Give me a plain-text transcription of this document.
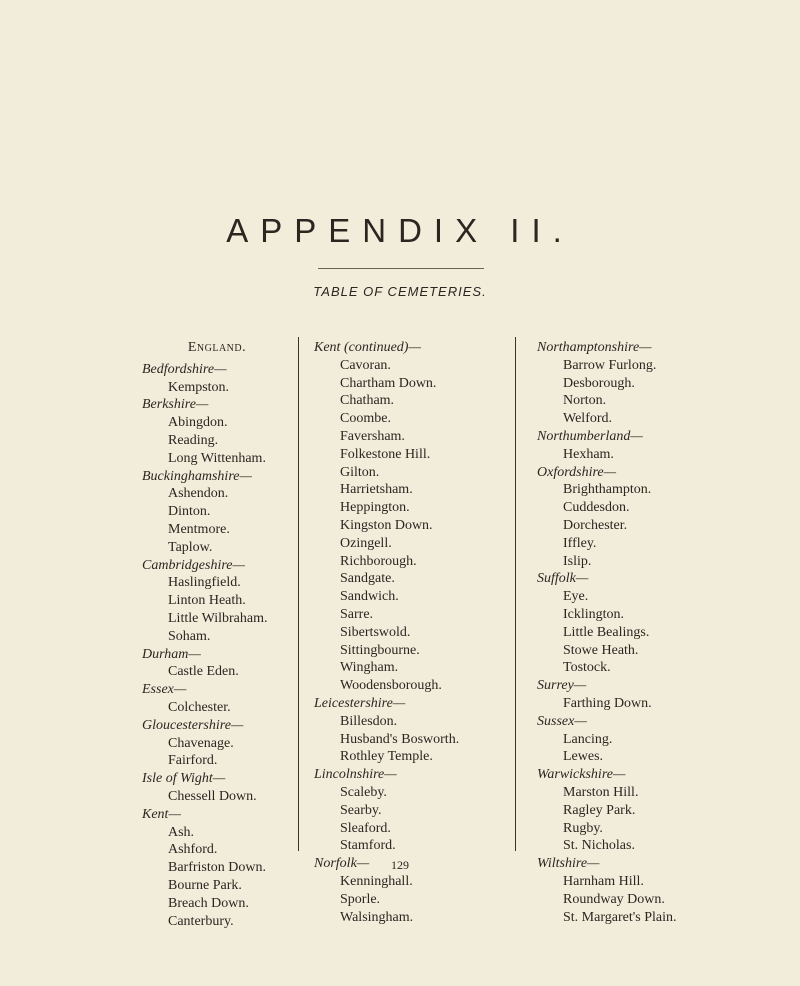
APPENDIX II.
TABLE OF CEMETERIES.
England.
Bedfordshire—
Kempston.
Berkshire—
Abingdon.
Reading.
Long Wittenham.
Buckinghamshire—
Ashendon.
Dinton.
Mentmore.
Taplow.
Cambridgeshire—
Haslingfield.
Linton Heath.
Little Wilbraham.
Soham.
Durham—
Castle Eden.
Essex—
Colchester.
Gloucestershire—
Chavenage.
Fairford.
Isle of Wight—
Chessell Down.
Kent—
Ash.
Ashford.
Barfriston Down.
Bourne Park.
Breach Down.
Canterbury.
Kent (continued)—
Cavoran.
Chartham Down.
Chatham.
Coombe.
Faversham.
Folkestone Hill.
Gilton.
Harrietsham.
Heppington.
Kingston Down.
Ozingell.
Richborough.
Sandgate.
Sandwich.
Sarre.
Sibertswold.
Sittingbourne.
Wingham.
Woodensborough.
Leicestershire—
Billesdon.
Husband's Bosworth.
Rothley Temple.
Lincolnshire—
Scaleby.
Searby.
Sleaford.
Stamford.
Norfolk—
Kenninghall.
Sporle.
Walsingham.
Northamptonshire—
Barrow Furlong.
Desborough.
Norton.
Welford.
Northumberland—
Hexham.
Oxfordshire—
Brighthampton.
Cuddesdon.
Dorchester.
Iffley.
Islip.
Suffolk—
Eye.
Icklington.
Little Bealings.
Stowe Heath.
Tostock.
Surrey—
Farthing Down.
Sussex—
Lancing.
Lewes.
Warwickshire—
Marston Hill.
Ragley Park.
Rugby.
St. Nicholas.
Wiltshire—
Harnham Hill.
Roundway Down.
St. Margaret's Plain.
129
